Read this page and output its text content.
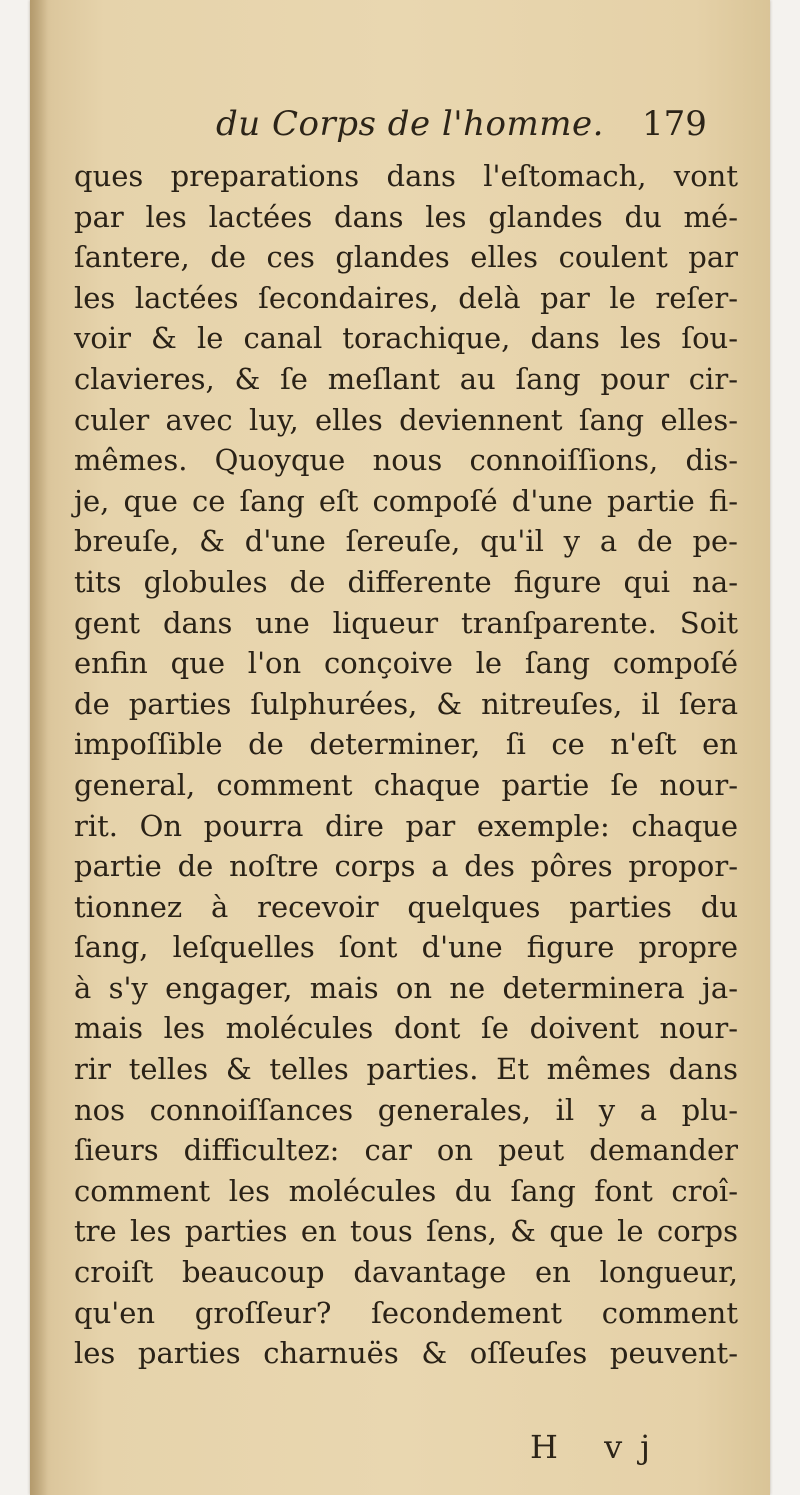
du Corps de l'homme. 179
ques preparations dans l'eſtomach, vont
par les lactées dans les glandes du mé-
ſantere, de ces glandes elles coulent par
les lactées ſecondaires, delà par le reſer-
voir & le canal torachique, dans les ſou-
clavieres, & ſe meſlant au ſang pour cir-
culer avec luy, elles deviennent ſang elles-
mêmes. Quoyque nous connoiſſions, dis-
je, que ce ſang eſt compoſé d'une partie fi-
breuſe, & d'une ſereuſe, qu'il y a de pe-
tits globules de differente figure qui na-
gent dans une liqueur tranſparente. Soit
enfin que l'on conçoive le ſang compoſé
de parties ſulphurées, & nitreuſes, il ſera
impoſſible de determiner, ſi ce n'eſt en
general, comment chaque partie ſe nour-
rit. On pourra dire par exemple: chaque
partie de noſtre corps a des pôres propor-
tionnez à recevoir quelques parties du
ſang, leſquelles ſont d'une figure propre
à s'y engager, mais on ne determinera ja-
mais les molécules dont ſe doivent nour-
rir telles & telles parties. Et mêmes dans
nos connoiſſances generales, il y a plu-
ſieurs difficultez: car on peut demander
comment les molécules du ſang font croî-
tre les parties en tous ſens, & que le corps
croiſt beaucoup davantage en longueur,
qu'en groſſeur? ſecondement comment
les parties charnuës & oſſeuſes peuvent-
H vj
